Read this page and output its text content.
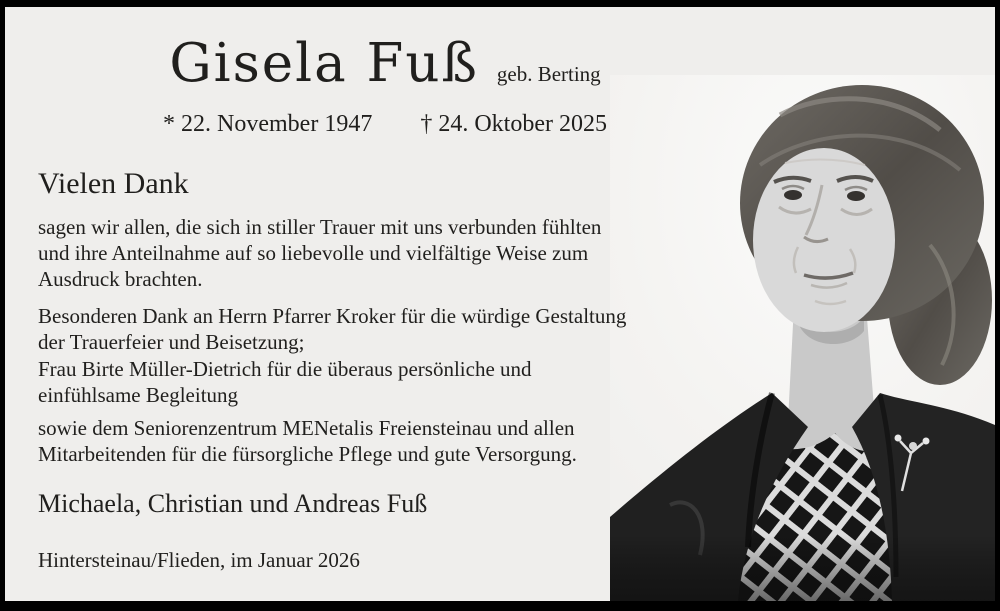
Gisela Fuß geb. Berting
* 22. November 1947 † 24. Oktober 2025
Vielen Dank

sagen wir allen, die sich in stiller Trauer mit uns verbunden fühlten
und ihre Anteilnahme auf so liebevolle und vielfältige Weise zum
Ausdruck brachten.

Besonderen Dank an Herrn Pfarrer Kroker für die würdige Gestaltung
der Trauerfeier und Beisetzung;

Frau Birte Müller-Dietrich für die überaus persönliche und
einfühlsame Begleitung

sowie dem Seniorenzentrum MENetalis Freiensteinau und allen
Mitarbeitenden für die fürsorgliche Pflege und gute Versorgung.

Michaela, Christian und Andreas Fuß

Hintersteinau/Flieden, im Januar 2026
